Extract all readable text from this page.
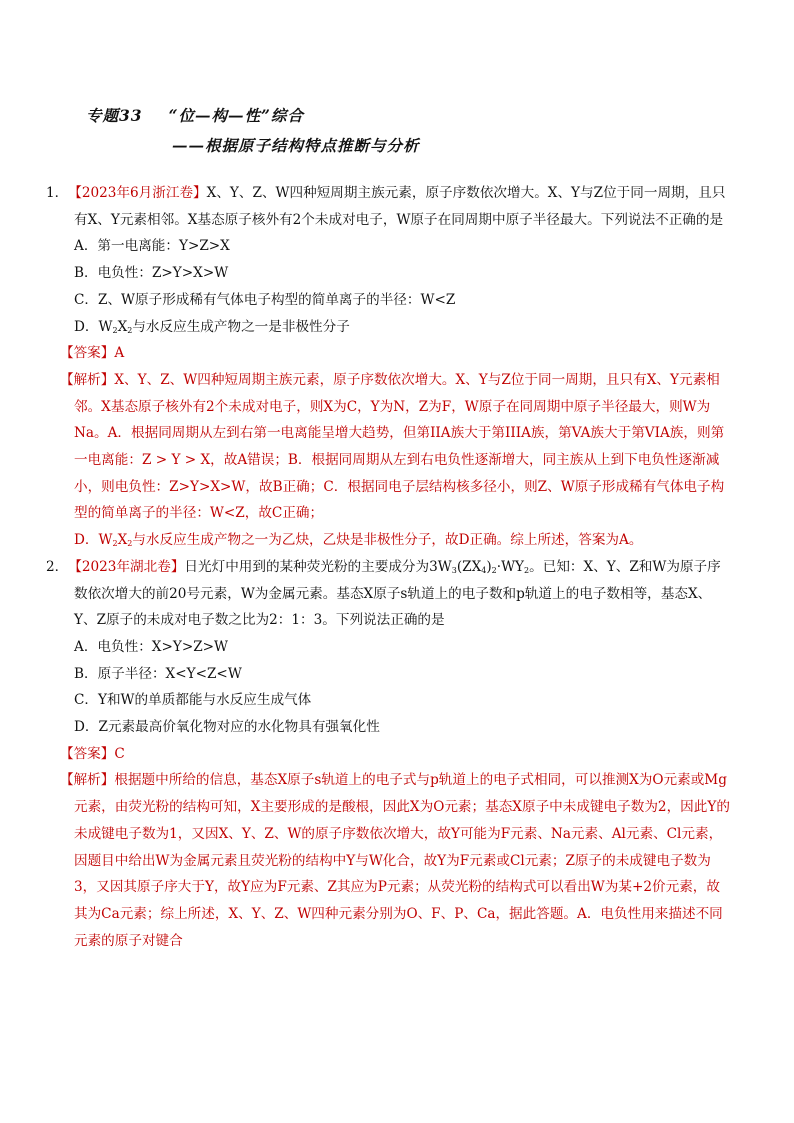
专题33 “位—构—性”综合
——根据原子结构特点推断与分析

1．【2023年6月浙江卷】X、Y、Z、W四种短周期主族元素，原子序数依次增大。X、Y与Z位于同一周期，且只有X、Y元素相邻。X基态原子核外有2个未成对电子，W原子在同周期中原子半径最大。下列说法不正确的是

A．第一电离能：Y>Z>X

B．电负性：Z>Y>X>W

C．Z、W原子形成稀有气体电子构型的简单离子的半径：W<Z

D．$W_2X_2$与水反应生成产物之一是非极性分子

【答案】A

【解析】X、Y、Z、W四种短周期主族元素，原子序数依次增大。X、Y与Z位于同一周期，且只有X、Y元素相邻。X基态原子核外有2个未成对电子，则X为C，Y为N，Z为F，W原子在同周期中原子半径最大，则W为Na。A．根据同周期从左到右第一电离能呈增大趋势，但第IIA族大于第IIIA族，第VA族大于第VIA族，则第一电离能：Z > Y > X，故A错误；B．根据同周期从左到右电负性逐渐增大，同主族从上到下电负性逐渐减小，则电负性：Z>Y>X>W，故B正确；C．根据同电子层结构核多径小，则Z、W原子形成稀有气体电子构型的简单离子的半径：W<Z，故C正确；
D．$W_2X_2$与水反应生成产物之一为乙炔，乙炔是非极性分子，故D正确。综上所述，答案为A。

2．【2023年湖北卷】日光灯中用到的某种荧光粉的主要成分为$3W_3(ZX_4)_2\cdot WY_2$。已知：X、Y、Z和W为原子序数依次增大的前20号元素，W为金属元素。基态X原子s轨道上的电子数和p轨道上的电子数相等，基态X、Y、Z原子的未成对电子数之比为2：1：3。下列说法正确的是

A．电负性：X>Y>Z>W

B．原子半径：X<Y<Z<W

C．Y和W的单质都能与水反应生成气体

D．Z元素最高价氧化物对应的水化物具有强氧化性

【答案】C

【解析】根据题中所给的信息，基态X原子s轨道上的电子式与p轨道上的电子式相同，可以推测X为O元素或Mg元素，由荧光粉的结构可知，X主要形成的是酸根，因此X为O元素；基态X原子中未成键电子数为2，因此Y的未成键电子数为1，又因X、Y、Z、W的原子序数依次增大，故Y可能为F元素、Na元素、Al元素、Cl元素，因题目中给出W为金属元素且荧光粉的结构中Y与W化合，故Y为F元素或Cl元素；Z原子的未成键电子数为3，又因其原子序大于Y，故Y应为F元素、Z其应为P元素；从荧光粉的结构式可以看出W为某+2价元素，故其为Ca元素；综上所述，X、Y、Z、W四种元素分别为O、F、P、Ca，据此答题。A．电负性用来描述不同元素的原子对键合
